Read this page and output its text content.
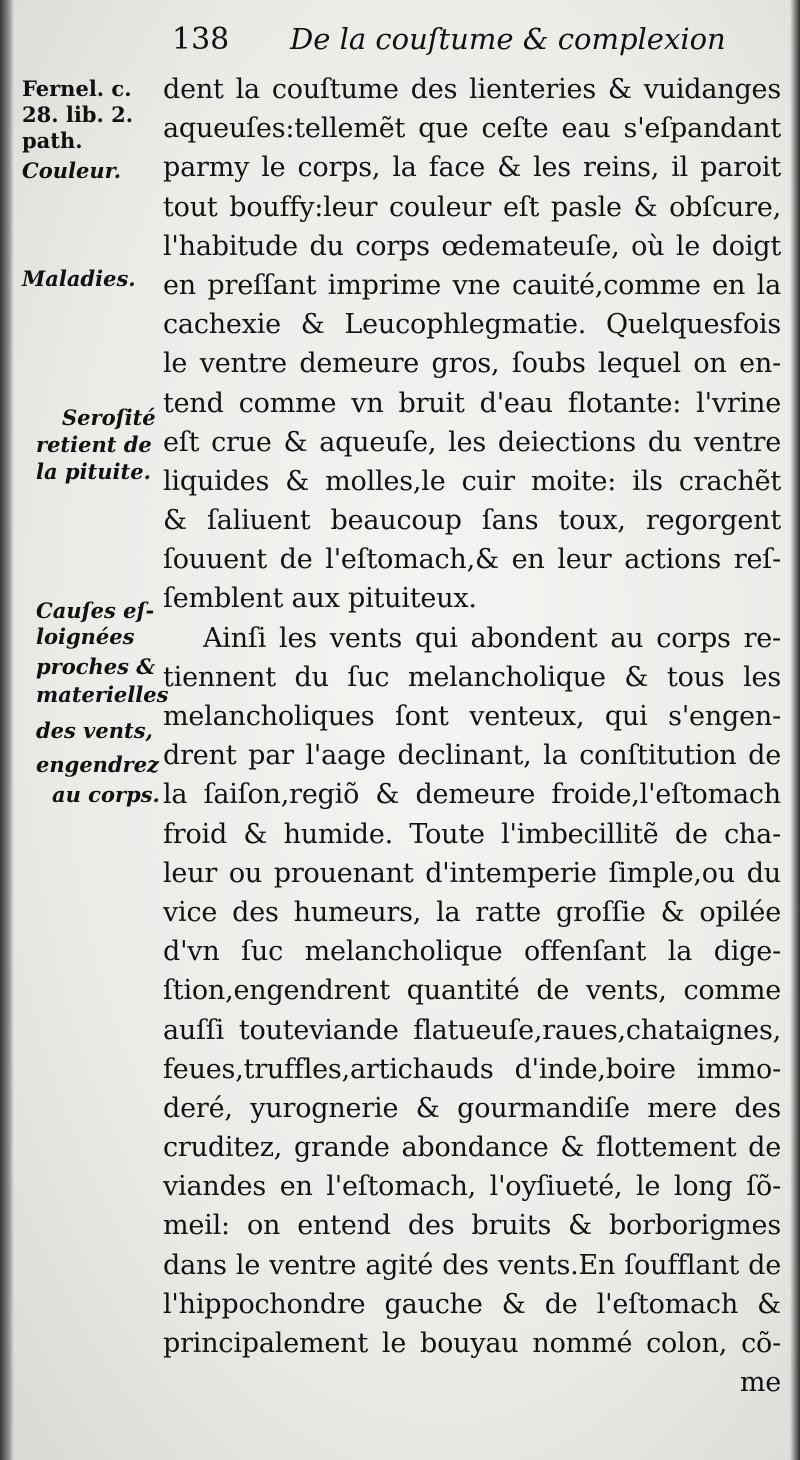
138 De la couſtume & complexion
Fernel. c.
28. lib. 2.
path.
Couleur.
Maladies.
Seroſité
retient de
la pituite.
Cauſes eſ-
loignées
proches &
materielles
des vents,
engendrez
au corps.
dent la couſtume des lienteries & vuidanges
aqueuſes:tellemẽt que ceſte eau s'eſpandant
parmy le corps, la face & les reins, il paroit
tout bouffy:leur couleur eſt pasle & obſcure,
l'habitude du corps œdemateuſe, où le doigt
en preſſant imprime vne cauité,comme en la
cachexie & Leucophlegmatie. Quelquesfois
le ventre demeure gros, ſoubs lequel on en-
tend comme vn bruit d'eau flotante: l'vrine
eſt crue & aqueuſe, les deiections du ventre
liquides & molles,le cuir moite: ils crachẽt
& ſaliuent beaucoup ſans toux, regorgent
ſouuent de l'eſtomach,& en leur actions reſ-
ſemblent aux pituiteux.
Ainſi les vents qui abondent au corps re-
tiennent du ſuc melancholique & tous les
melancholiques ſont venteux, qui s'engen-
drent par l'aage declinant, la conſtitution de
la ſaiſon,regiõ & demeure froide,l'eſtomach
froid & humide. Toute l'imbecillitẽ de cha-
leur ou prouenant d'intemperie ſimple,ou du
vice des humeurs, la ratte groſſie & opilée
d'vn ſuc melancholique offenſant la dige-
ſtion,engendrent quantité de vents, comme
auſſi touteviande flatueuſe,raues,chataignes,
feues,truffles,artichauds d'inde,boire immo-
deré, yurognerie & gourmandiſe mere des
cruditez, grande abondance & flottement de
viandes en l'eſtomach, l'oyſiueté, le long ſõ-
meil: on entend des bruits & borborigmes
dans le ventre agité des vents.En ſoufflant de
l'hippochondre gauche & de l'eſtomach &
principalement le bouyau nommé colon, cõ-
me
